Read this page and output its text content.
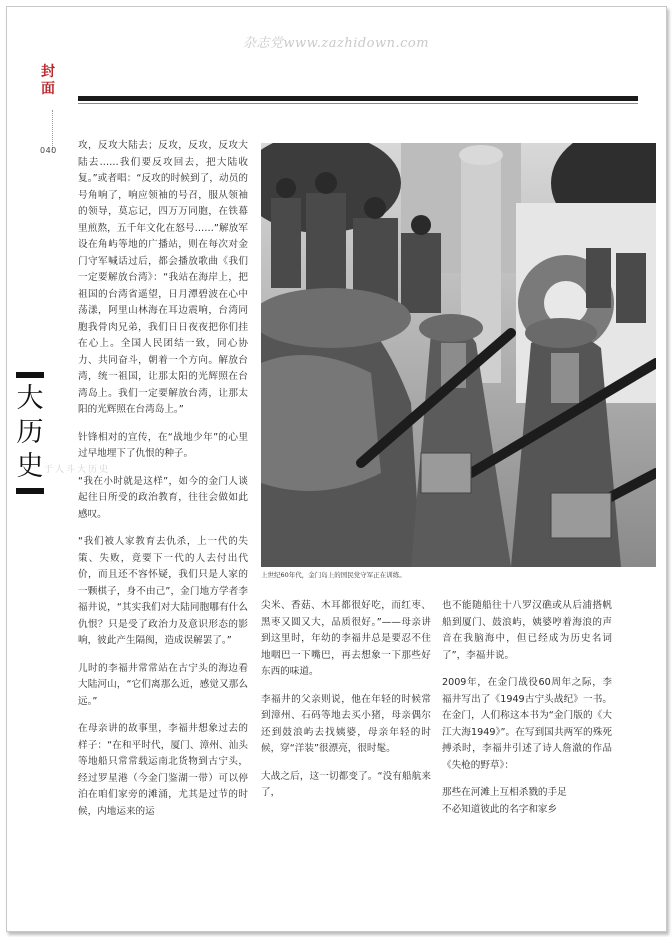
杂志党www.zazhidown.com
封面
040
大
历
史 于人斗大历史

攻，反攻大陆去；反攻，反攻，反攻大陆去……我们要反攻回去，把大陆收复。”或者唱：“反攻的时候到了，动员的号角响了，响应领袖的号召，服从领袖的领导，莫忘记，四万万同胞，在铁幕里煎熬，五千年文化在怒号……”解放军设在角屿等地的广播站，则在每次对金门守军喊话过后，都会播放歌曲《我们一定要解放台湾》：“我站在海岸上，把祖国的台湾省遥望，日月潭碧波在心中荡漾，阿里山林海在耳边震响，台湾同胞我骨肉兄弟，我们日日夜夜把你们挂在心上。全国人民团结一致，同心协力、共同奋斗，朝着一个方向。解放台湾，统一祖国，让那太阳的光辉照在台湾岛上。我们一定要解放台湾，让那太阳的光辉照在台湾岛上。”

针锋相对的宣传，在“战地少年”的心里过早地埋下了仇恨的种子。

“我在小时就是这样”，如今的金门人谈起往日所受的政治教育，往往会做如此感叹。

“我们被人家教育去仇杀，上一代的失策、失败，竟要下一代的人去付出代价，而且还不容怀疑，我们只是人家的一颗棋子，身不由己”，金门地方学者李福井说，“其实我们对大陆同胞哪有什么仇恨？只是受了政治力及意识形态的影响，彼此产生隔阂，造成误解罢了。”

儿时的李福井常常站在古宁头的海边看大陆河山，“它们离那么近，感觉又那么远。”

在母亲讲的故事里，李福井想象过去的样子：“在和平时代，厦门、漳州、汕头等地船只常常载运南北货物到古宁头，经过罗星港（今金门鉴湖一带）可以停泊在咱们家旁的滩涌，尤其是过节的时候，内地运来的运

上世纪60年代，金门岛上的国民党守军正在训练。

尖米、香菇、木耳都很好吃，而红枣、黑枣又圆又大，品质很好。”——母亲讲到这里时，年幼的李福井总是要忍不住地咽巴一下嘴巴，再去想象一下那些好东西的味道。

李福井的父亲则说，他在年轻的时候常到漳州、石码等地去买小猪，母亲偶尔还到鼓浪屿去找姨婆，母亲年轻的时候，穿“洋装”很漂亮，很时髦。

大战之后，这一切都变了。“没有船航来了，

也不能随船往十八罗汉礁或从后浦搭帆船到厦门、鼓浪屿，姨婆哼着海浪的声音在我脑海中，但已经成为历史名词了”，李福井说。

2009年，在金门战役60周年之际，李福井写出了《1949古宁头战纪》一书。在金门，人们称这本书为“金门版的《大江大海1949》”。在写到国共两军的殊死搏杀时，李福井引述了诗人詹澈的作品《失枪的野草》：

那些在河滩上互相杀戮的手足

不必知道彼此的名字和家乡
